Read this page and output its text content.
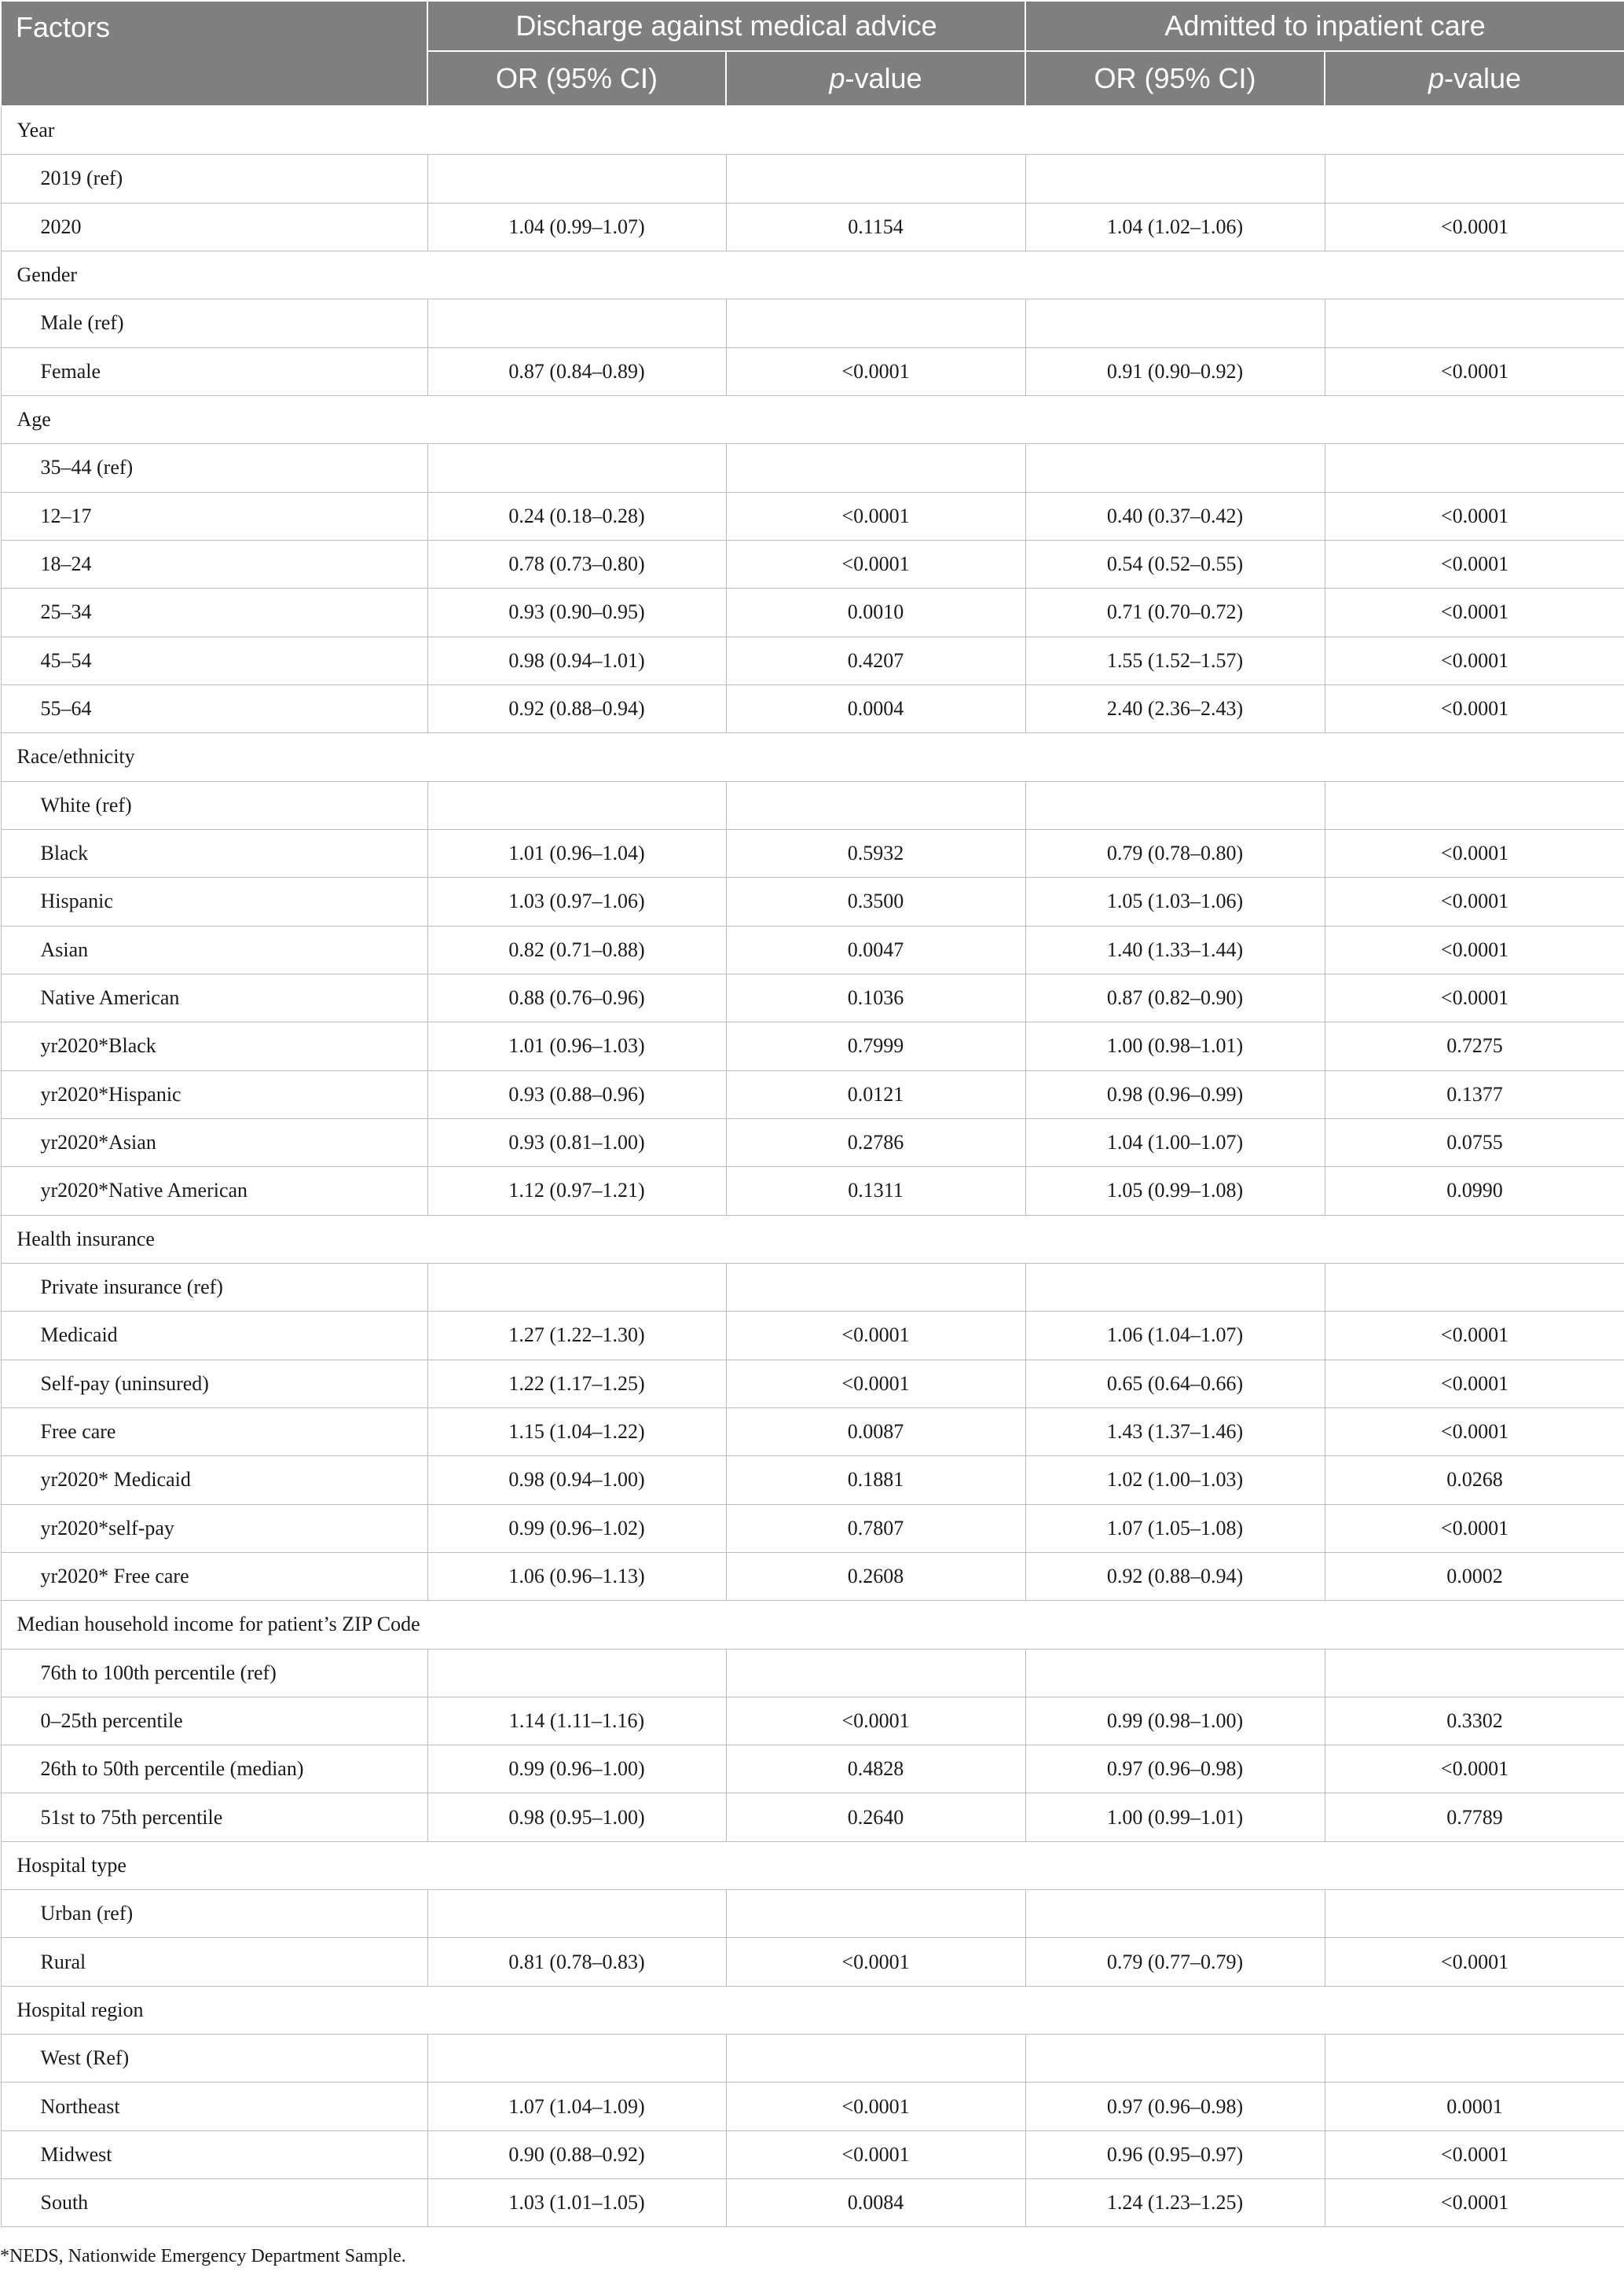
Factors	Discharge against medical advice		Admitted to inpatient care	
	OR (95% CI)	p-value	OR (95% CI)	p-value
Year				
2019 (ref)				
2020	1.04 (0.99–1.07)	0.1154	1.04 (1.02–1.06)	<0.0001
Gender				
Male (ref)				
Female	0.87 (0.84–0.89)	<0.0001	0.91 (0.90–0.92)	<0.0001
Age				
35–44 (ref)				
12–17	0.24 (0.18–0.28)	<0.0001	0.40 (0.37–0.42)	<0.0001
18–24	0.78 (0.73–0.80)	<0.0001	0.54 (0.52–0.55)	<0.0001
25–34	0.93 (0.90–0.95)	0.0010	0.71 (0.70–0.72)	<0.0001
45–54	0.98 (0.94–1.01)	0.4207	1.55 (1.52–1.57)	<0.0001
55–64	0.92 (0.88–0.94)	0.0004	2.40 (2.36–2.43)	<0.0001
Race/ethnicity				
White (ref)				
Black	1.01 (0.96–1.04)	0.5932	0.79 (0.78–0.80)	<0.0001
Hispanic	1.03 (0.97–1.06)	0.3500	1.05 (1.03–1.06)	<0.0001
Asian	0.82 (0.71–0.88)	0.0047	1.40 (1.33–1.44)	<0.0001
Native American	0.88 (0.76–0.96)	0.1036	0.87 (0.82–0.90)	<0.0001
yr2020*Black	1.01 (0.96–1.03)	0.7999	1.00 (0.98–1.01)	0.7275
yr2020*Hispanic	0.93 (0.88–0.96)	0.0121	0.98 (0.96–0.99)	0.1377
yr2020*Asian	0.93 (0.81–1.00)	0.2786	1.04 (1.00–1.07)	0.0755
yr2020*Native American	1.12 (0.97–1.21)	0.1311	1.05 (0.99–1.08)	0.0990
Health insurance				
Private insurance (ref)				
Medicaid	1.27 (1.22–1.30)	<0.0001	1.06 (1.04–1.07)	<0.0001
Self-pay (uninsured)	1.22 (1.17–1.25)	<0.0001	0.65 (0.64–0.66)	<0.0001
Free care	1.15 (1.04–1.22)	0.0087	1.43 (1.37–1.46)	<0.0001
yr2020* Medicaid	0.98 (0.94–1.00)	0.1881	1.02 (1.00–1.03)	0.0268
yr2020*self-pay	0.99 (0.96–1.02)	0.7807	1.07 (1.05–1.08)	<0.0001
yr2020* Free care	1.06 (0.96–1.13)	0.2608	0.92 (0.88–0.94)	0.0002
Median household income for patient’s ZIP Code				
76th to 100th percentile (ref)				
0–25th percentile	1.14 (1.11–1.16)	<0.0001	0.99 (0.98–1.00)	0.3302
26th to 50th percentile (median)	0.99 (0.96–1.00)	0.4828	0.97 (0.96–0.98)	<0.0001
51st to 75th percentile	0.98 (0.95–1.00)	0.2640	1.00 (0.99–1.01)	0.7789
Hospital type				
Urban (ref)				
Rural	0.81 (0.78–0.83)	<0.0001	0.79 (0.77–0.79)	<0.0001
Hospital region				
West (Ref)				
Northeast	1.07 (1.04–1.09)	<0.0001	0.97 (0.96–0.98)	0.0001
Midwest	0.90 (0.88–0.92)	<0.0001	0.96 (0.95–0.97)	<0.0001
South	1.03 (1.01–1.05)	0.0084	1.24 (1.23–1.25)	<0.0001
*NEDS, Nationwide Emergency Department Sample.
